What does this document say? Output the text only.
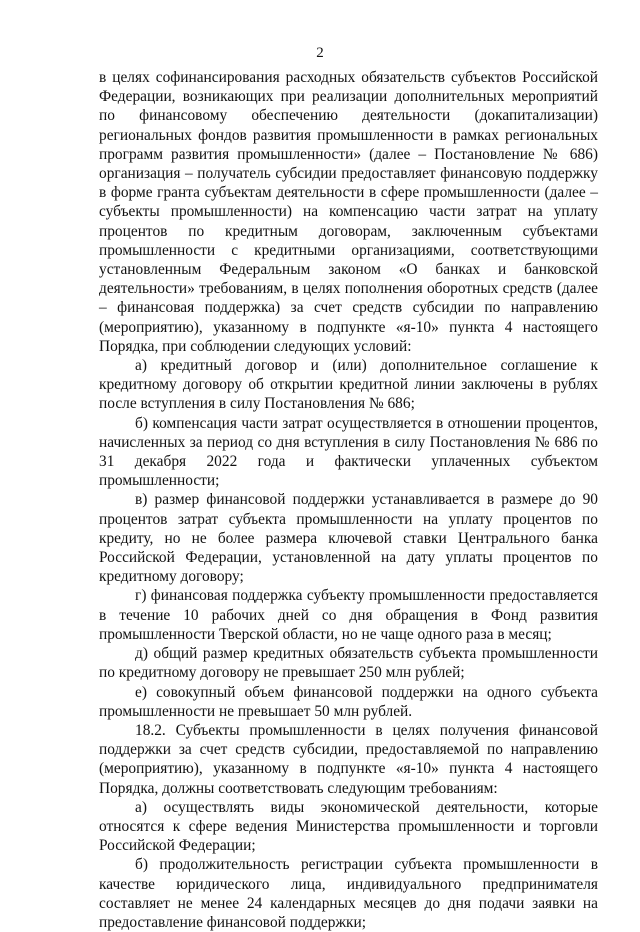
2

в целях софинансирования расходных обязательств субъектов Российской Федерации, возникающих при реализации дополнительных мероприятий по финансовому обеспечению деятельности (докапитализации) региональных фондов развития промышленности в рамках региональных программ развития промышленности» (далее – Постановление № 686) организация – получатель субсидии предоставляет финансовую поддержку в форме гранта субъектам деятельности в сфере промышленности (далее – субъекты промышленности) на компенсацию части затрат на уплату процентов по кредитным договорам, заключенным субъектами промышленности с кредитными организациями, соответствующими установленным Федеральным законом «О банках и банковской деятельности» требованиям, в целях пополнения оборотных средств (далее – финансовая поддержка) за счет средств субсидии по направлению (мероприятию), указанному в подпункте «я-10» пункта 4 настоящего Порядка, при соблюдении следующих условий:

а) кредитный договор и (или) дополнительное соглашение к кредитному договору об открытии кредитной линии заключены в рублях после вступления в силу Постановления № 686;

б) компенсация части затрат осуществляется в отношении процентов, начисленных за период со дня вступления в силу Постановления № 686 по 31 декабря 2022 года и фактически уплаченных субъектом промышленности;

в) размер финансовой поддержки устанавливается в размере до 90 процентов затрат субъекта промышленности на уплату процентов по кредиту, но не более размера ключевой ставки Центрального банка Российской Федерации, установленной на дату уплаты процентов по кредитному договору;

г) финансовая поддержка субъекту промышленности предоставляется в течение 10 рабочих дней со дня обращения в Фонд развития промышленности Тверской области, но не чаще одного раза в месяц;

д) общий размер кредитных обязательств субъекта промышленности по кредитному договору не превышает 250 млн рублей;

е) совокупный объем финансовой поддержки на одного субъекта промышленности не превышает 50 млн рублей.

18.2. Субъекты промышленности в целях получения финансовой поддержки за счет средств субсидии, предоставляемой по направлению (мероприятию), указанному в подпункте «я-10» пункта 4 настоящего Порядка, должны соответствовать следующим требованиям:

а) осуществлять виды экономической деятельности, которые относятся к сфере ведения Министерства промышленности и торговли Российской Федерации;

б) продолжительность регистрации субъекта промышленности в качестве юридического лица, индивидуального предпринимателя составляет не менее 24 календарных месяцев до дня подачи заявки на предоставление финансовой поддержки;
